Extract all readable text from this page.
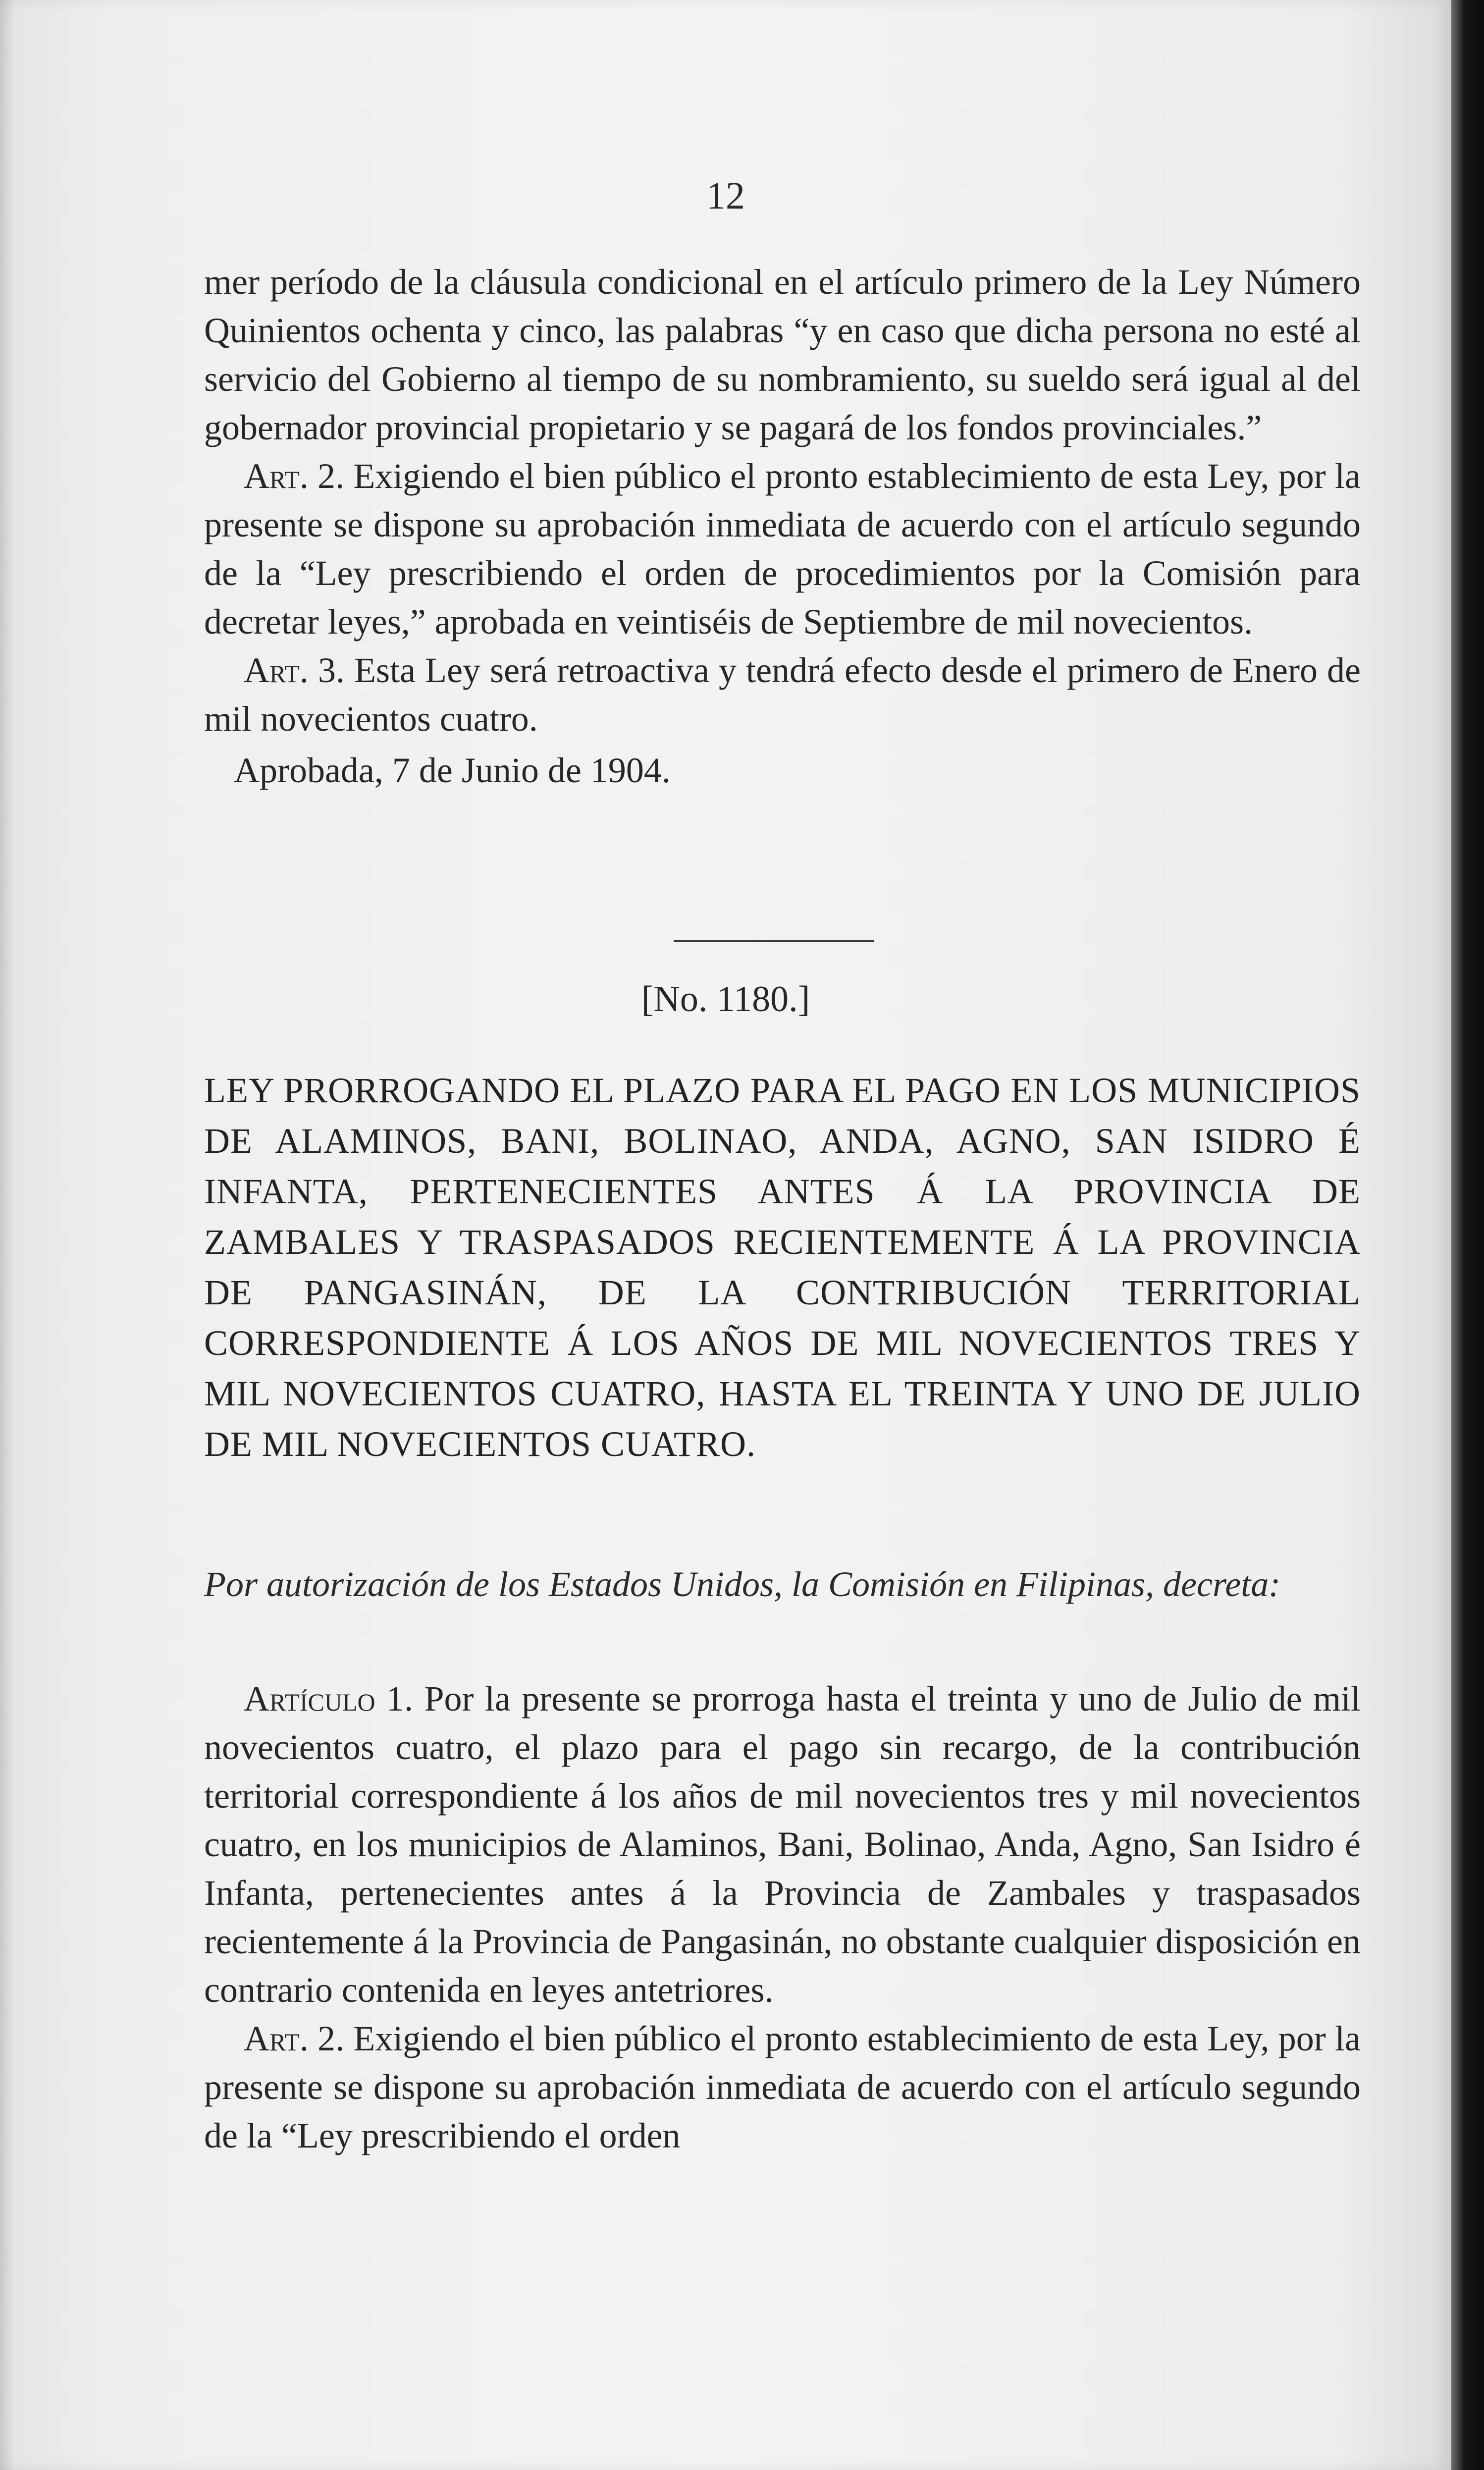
12

mer período de la cláusula condicional en el artículo primero de la Ley Número Quinientos ochenta y cinco, las palabras “y en caso que dicha persona no esté al servicio del Gobierno al tiempo de su nombramiento, su sueldo será igual al del gobernador provincial propietario y se pagará de los fondos provinciales.”

Art. 2. Exigiendo el bien público el pronto establecimiento de esta Ley, por la presente se dispone su aprobación inmediata de acuerdo con el artículo segundo de la “Ley prescribiendo el orden de procedimientos por la Comisión para decretar leyes,” aprobada en veintiséis de Septiembre de mil novecientos.

Art. 3. Esta Ley será retroactiva y tendrá efecto desde el primero de Enero de mil novecientos cuatro.

Aprobada, 7 de Junio de 1904.

[No. 1180.]
LEY PRORROGANDO EL PLAZO PARA EL PAGO EN LOS MUNICIPIOS DE ALAMINOS, BANI, BOLINAO, ANDA, AGNO, SAN ISIDRO É INFANTA, PERTENECIENTES ANTES Á LA PROVINCIA DE ZAMBALES Y TRASPASADOS RECIENTEMENTE Á LA PROVINCIA DE PANGASINÁN, DE LA CONTRIBUCIÓN TERRITORIAL CORRESPONDIENTE Á LOS AÑOS DE MIL NOVECIENTOS TRES Y MIL NOVECIENTOS CUATRO, HASTA EL TREINTA Y UNO DE JULIO DE MIL NOVECIENTOS CUATRO.
Por autorización de los Estados Unidos, la Comisión en Filipinas, decreta:

Artículo 1. Por la presente se prorroga hasta el treinta y uno de Julio de mil novecientos cuatro, el plazo para el pago sin recargo, de la contribución territorial correspondiente á los años de mil novecientos tres y mil novecientos cuatro, en los municipios de Alaminos, Bani, Bolinao, Anda, Agno, San Isidro é Infanta, pertenecientes antes á la Provincia de Zambales y traspasados recientemente á la Provincia de Pangasinán, no obstante cualquier disposición en contrario contenida en leyes antetriores.

Art. 2. Exigiendo el bien público el pronto establecimiento de esta Ley, por la presente se dispone su aprobación inmediata de acuerdo con el artículo segundo de la “Ley prescribiendo el orden
